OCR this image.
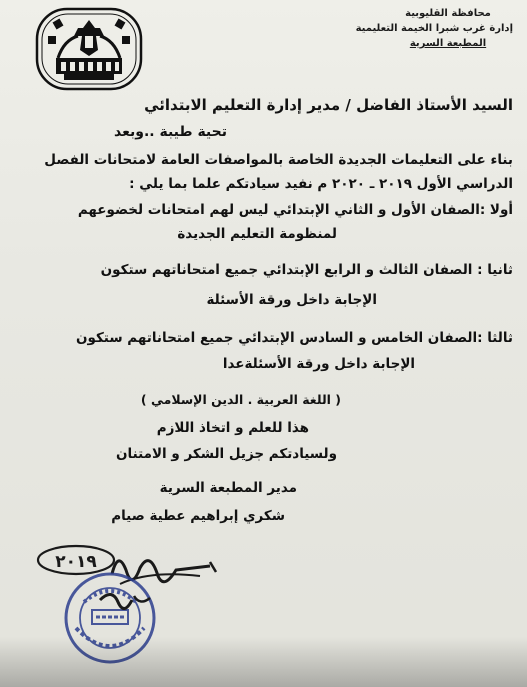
محافظة القليوبية
إدارة غرب شبرا الخيمة التعليمية
المطبعة السرية
السيد الأستاذ الفاضل / مدير إدارة التعليم الابتدائي
تحية طيبة ..وبعد
بناء على التعليمات الجديدة الخاصة بالمواصفات العامة لامتحانات الفصل
الدراسي الأول ٢٠١٩ ـ ٢٠٢٠ م نفيد سيادتكم علما بما يلي :
أولا :الصفان الأول و الثاني الإبتدائي ليس لهم امتحانات لخضوعهم
لمنظومة التعليم الجديدة
ثانيا : الصفان الثالث و الرابع الإبتدائي جميع امتحاناتهم ستكون
الإجابة داخل ورقة الأسئلة
ثالثا :الصفان الخامس و السادس الإبتدائي جميع امتحاناتهم ستكون
الإجابة داخل ورقة الأسئلةعدا
( اللغة العربية . الدين الإسلامي )
هذا للعلم و اتخاذ اللازم
ولسيادتكم جزيل الشكر و الامتنان
مدير المطبعة السرية
شكري إبراهيم عطية صيام
٢٠١٩
